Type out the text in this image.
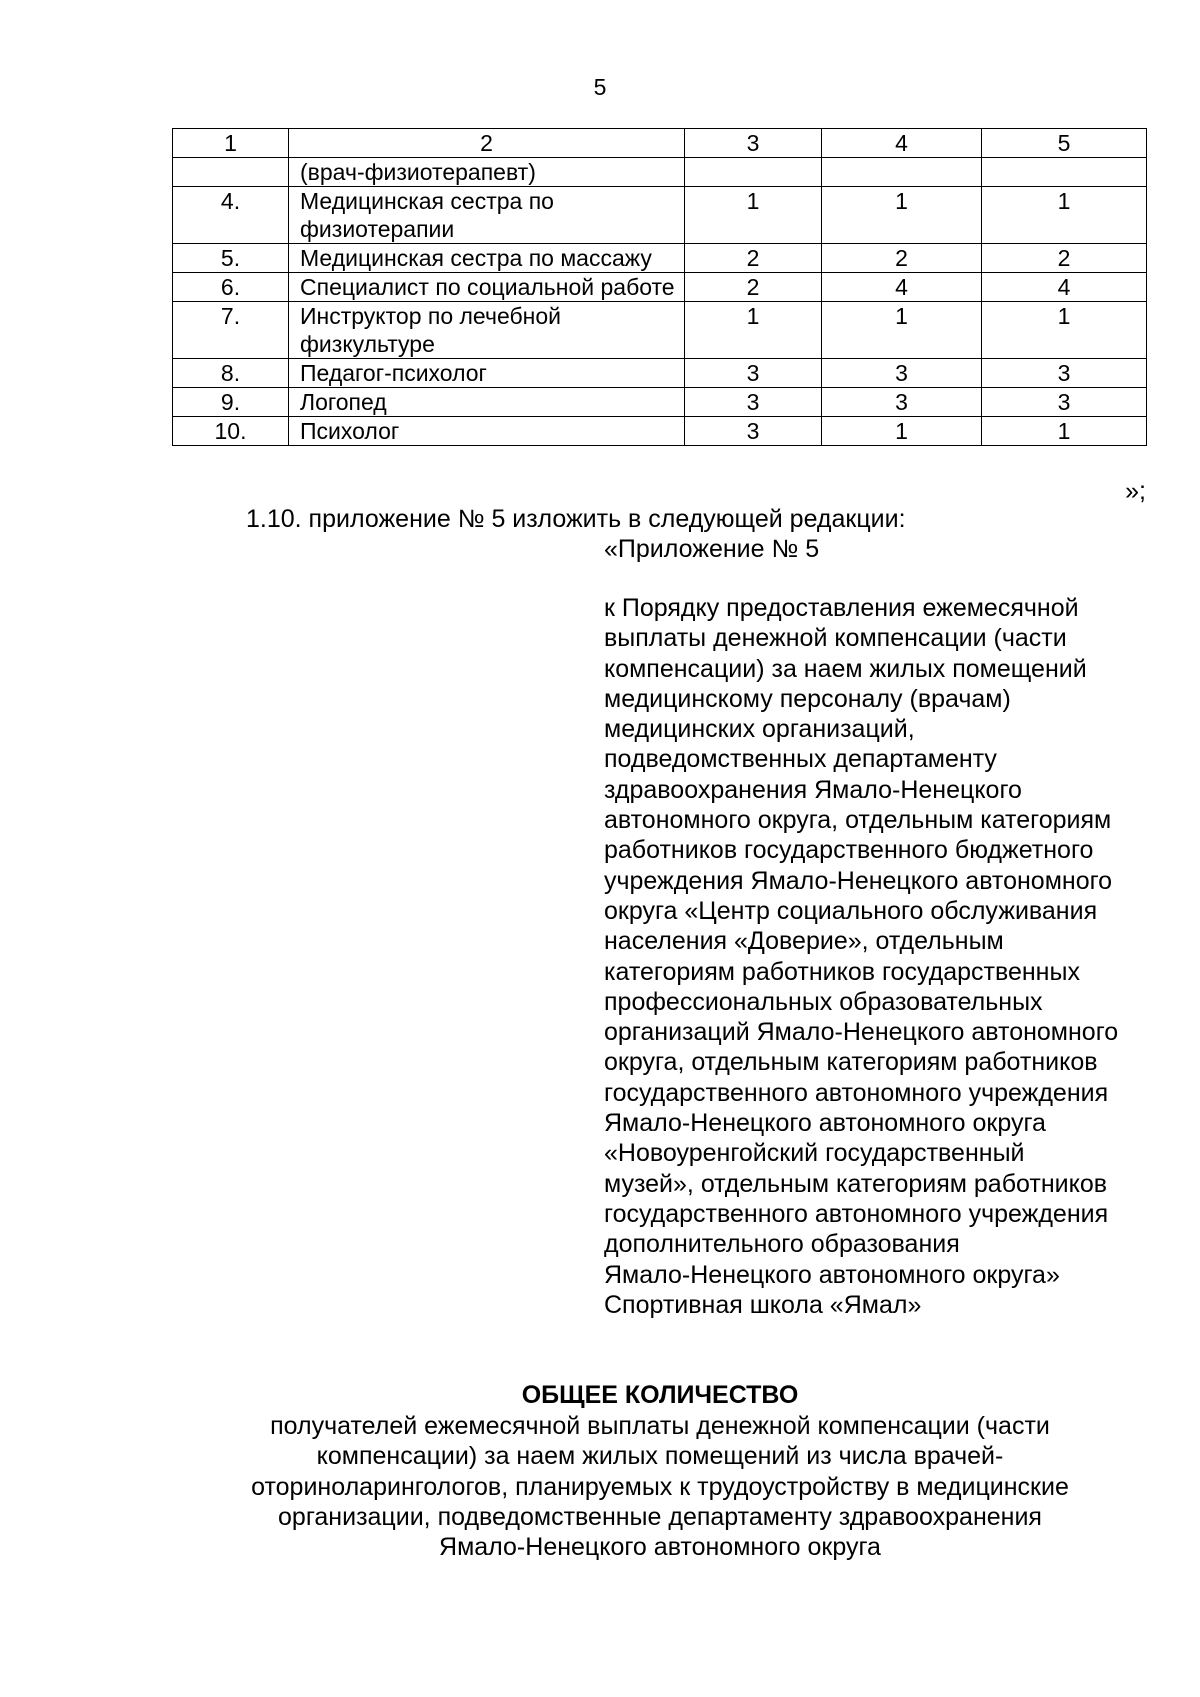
5
1	2	3	4	5
	(врач-физиотерапевт)			
4.	Медицинская сестра по физиотерапии	1	1	1
5.	Медицинская сестра по массажу	2	2	2
6.	Специалист по социальной работе	2	4	4
7.	Инструктор по лечебной физкультуре	1	1	1
8.	Педагог-психолог	3	3	3
9.	Логопед	3	3	3
10.	Психолог	3	1	1
»;
1.10. приложение № 5 изложить в следующей редакции:
«Приложение № 5
к Порядку предоставления ежемесячной
выплаты денежной компенсации (части
компенсации) за наем жилых помещений
медицинскому персоналу (врачам)
медицинских организаций,
подведомственных департаменту
здравоохранения Ямало-Ненецкого
автономного округа, отдельным категориям
работников государственного бюджетного
учреждения Ямало-Ненецкого автономного
округа «Центр социального обслуживания
населения «Доверие», отдельным
категориям работников государственных
профессиональных образовательных
организаций Ямало-Ненецкого автономного
округа, отдельным категориям работников
государственного автономного учреждения
Ямало-Ненецкого автономного округа
«Новоуренгойский государственный
музей», отдельным категориям работников
государственного автономного учреждения
дополнительного образования
Ямало-Ненецкого автономного округа»
Спортивная школа «Ямал»
ОБЩЕЕ КОЛИЧЕСТВО
получателей ежемесячной выплаты денежной компенсации (части
компенсации) за наем жилых помещений из числа врачей-
оториноларингологов, планируемых к трудоустройству в медицинские
организации, подведомственные департаменту здравоохранения
Ямало-Ненецкого автономного округа
